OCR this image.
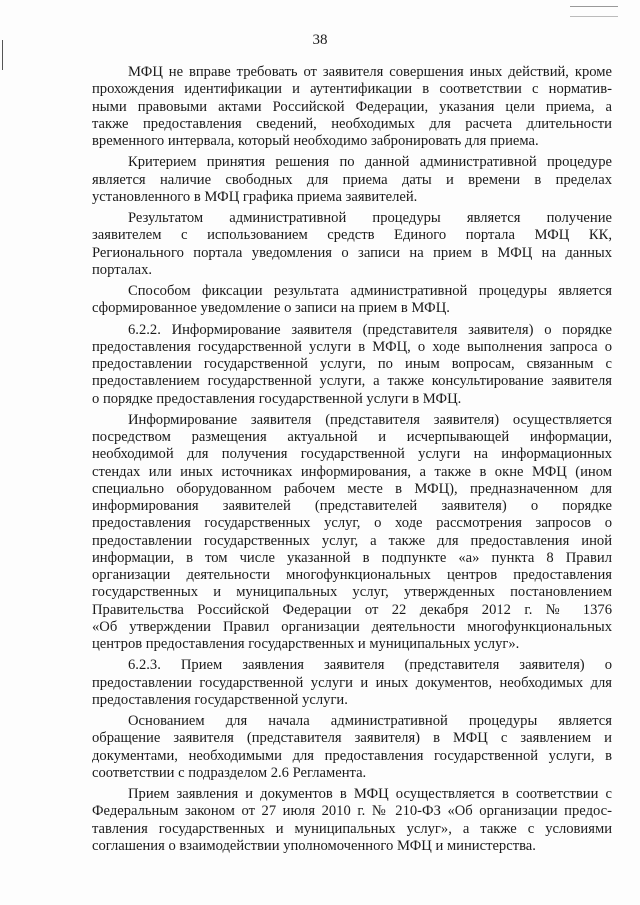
38
МФЦ не вправе требовать от заявителя совершения иных действий, кроме
прохождения идентификации и аутентификации в соответствии с норматив-
ными правовыми актами Российской Федерации, указания цели приема, а
также предоставления сведений, необходимых для расчета длительности
временного интервала, который необходимо забронировать для приема.
Критерием принятия решения по данной административной процедуре
является наличие свободных для приема даты и времени в пределах
установленного в МФЦ графика приема заявителей.
Результатом административной процедуры является получение
заявителем с использованием средств Единого портала МФЦ КК,
Регионального портала уведомления о записи на прием в МФЦ на данных
порталах.
Способом фиксации результата административной процедуры является
сформированное уведомление о записи на прием в МФЦ.
6.2.2. Информирование заявителя (представителя заявителя) о порядке
предоставления государственной услуги в МФЦ, о ходе выполнения запроса о
предоставлении государственной услуги, по иным вопросам, связанным с
предоставлением государственной услуги, а также консультирование заявителя
о порядке предоставления государственной услуги в МФЦ.
Информирование заявителя (представителя заявителя) осуществляется
посредством размещения актуальной и исчерпывающей информации,
необходимой для получения государственной услуги на информационных
стендах или иных источниках информирования, а также в окне МФЦ (ином
специально оборудованном рабочем месте в МФЦ), предназначенном для
информирования заявителей (представителей заявителя) о порядке
предоставления государственных услуг, о ходе рассмотрения запросов о
предоставлении государственных услуг, а также для предоставления иной
информации, в том числе указанной в подпункте «а» пункта 8 Правил
организации деятельности многофункциональных центров предоставления
государственных и муниципальных услуг, утвержденных постановлением
Правительства Российской Федерации от 22 декабря 2012 г. № 1376
«Об утверждении Правил организации деятельности многофункциональных
центров предоставления государственных и муниципальных услуг».
6.2.3. Прием заявления заявителя (представителя заявителя) о
предоставлении государственной услуги и иных документов, необходимых для
предоставления государственной услуги.
Основанием для начала административной процедуры является
обращение заявителя (представителя заявителя) в МФЦ с заявлением и
документами, необходимыми для предоставления государственной услуги, в
соответствии с подразделом 2.6 Регламента.
Прием заявления и документов в МФЦ осуществляется в соответствии с
Федеральным законом от 27 июля 2010 г. № 210-ФЗ «Об организации предос-
тавления государственных и муниципальных услуг», а также с условиями
соглашения о взаимодействии уполномоченного МФЦ и министерства.
